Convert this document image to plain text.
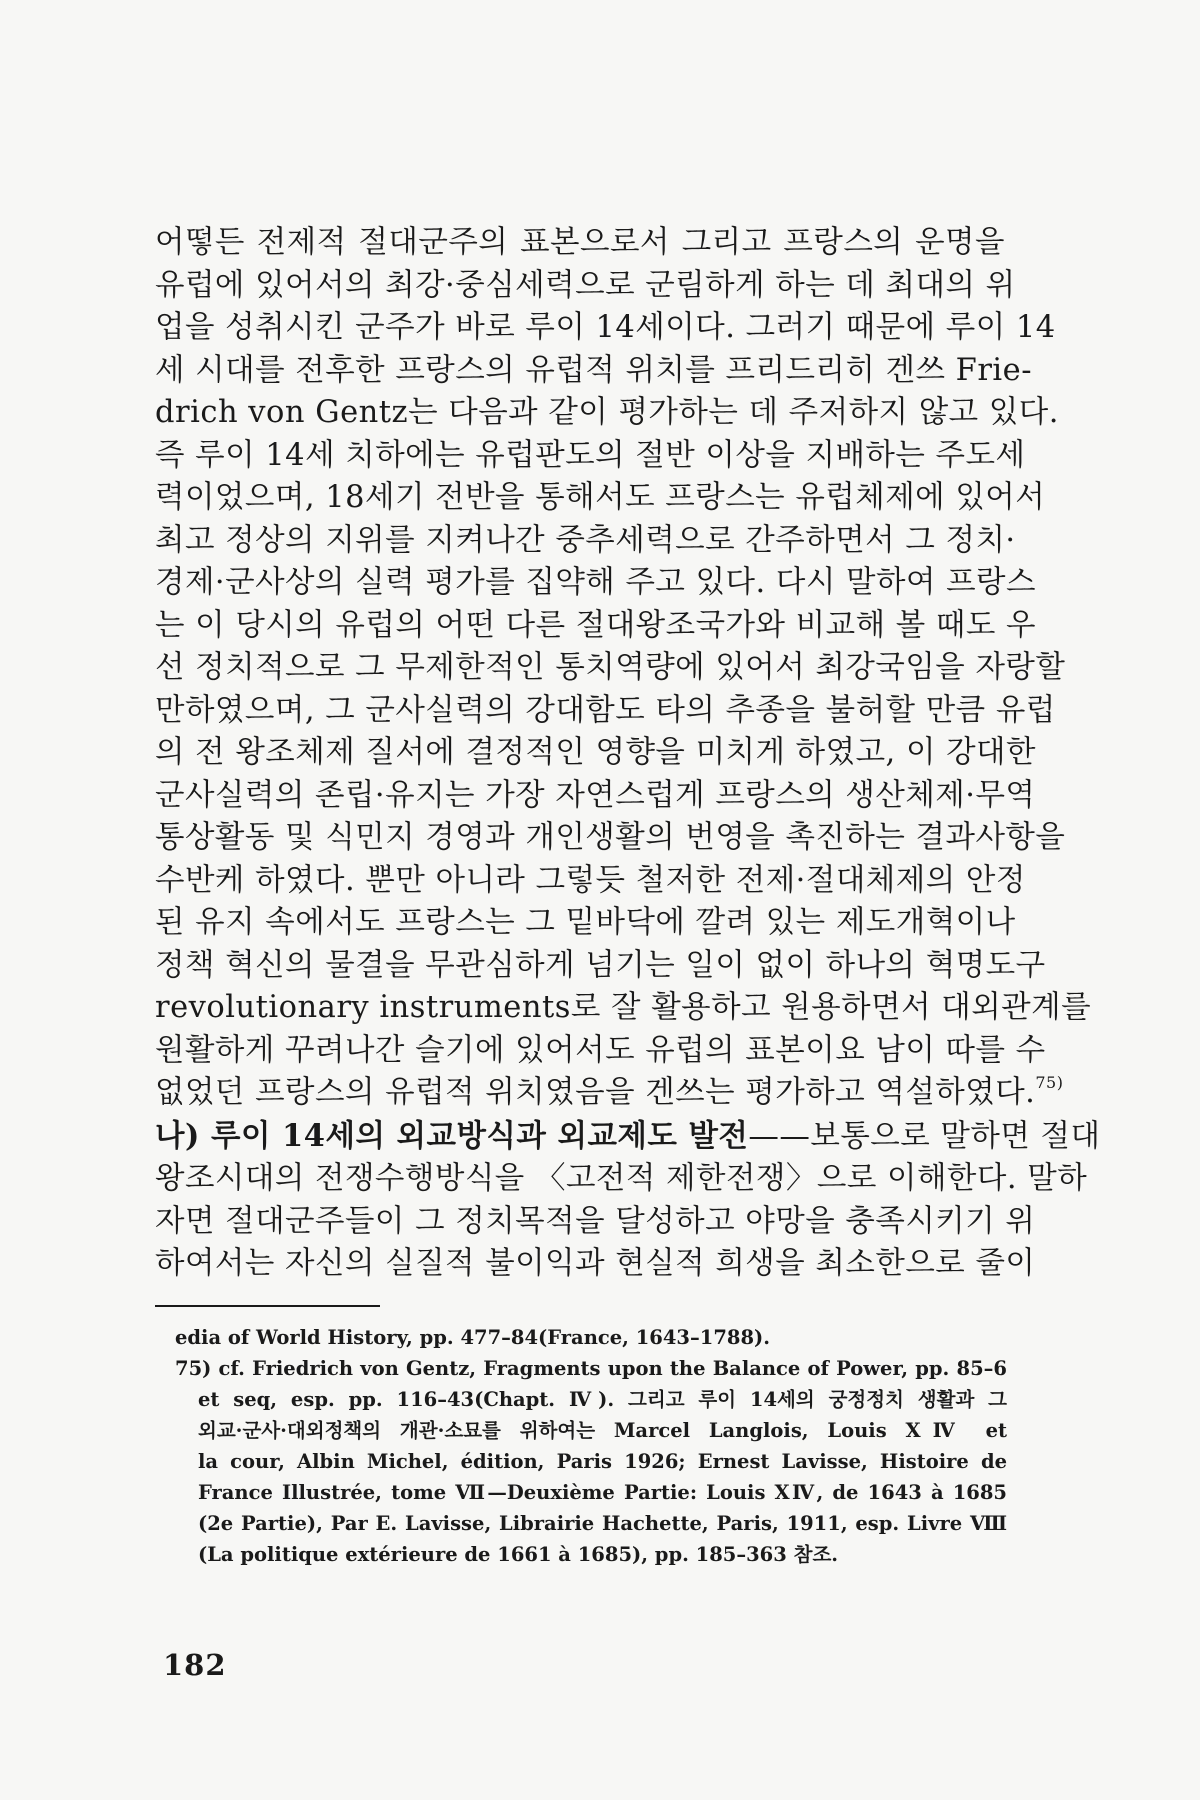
어떻든 전제적 절대군주의 표본으로서 그리고 프랑스의 운명을
유럽에 있어서의 최강·중심세력으로 군림하게 하는 데 최대의 위
업을 성취시킨 군주가 바로 루이 14세이다. 그러기 때문에 루이 14
세 시대를 전후한 프랑스의 유럽적 위치를 프리드리히 겐쓰 Frie-
drich von Gentz는 다음과 같이 평가하는 데 주저하지 않고 있다.
즉 루이 14세 치하에는 유럽판도의 절반 이상을 지배하는 주도세
력이었으며, 18세기 전반을 통해서도 프랑스는 유럽체제에 있어서
최고 정상의 지위를 지켜나간 중추세력으로 간주하면서 그 정치·
경제·군사상의 실력 평가를 집약해 주고 있다. 다시 말하여 프랑스
는 이 당시의 유럽의 어떤 다른 절대왕조국가와 비교해 볼 때도 우
선 정치적으로 그 무제한적인 통치역량에 있어서 최강국임을 자랑할
만하였으며, 그 군사실력의 강대함도 타의 추종을 불허할 만큼 유럽
의 전 왕조체제 질서에 결정적인 영향을 미치게 하였고, 이 강대한
군사실력의 존립·유지는 가장 자연스럽게 프랑스의 생산체제·무역
통상활동 및 식민지 경영과 개인생활의 번영을 촉진하는 결과사항을
수반케 하였다. 뿐만 아니라 그렇듯 철저한 전제·절대체제의 안정
된 유지 속에서도 프랑스는 그 밑바닥에 깔려 있는 제도개혁이나
정책 혁신의 물결을 무관심하게 넘기는 일이 없이 하나의 혁명도구
revolutionary instruments로 잘 활용하고 원용하면서 대외관계를
원활하게 꾸려나간 슬기에 있어서도 유럽의 표본이요 남이 따를 수
없었던 프랑스의 유럽적 위치였음을 겐쓰는 평가하고 역설하였다.$^{75)}$
나) 루이 14세의 외교방식과 외교제도 발전——보통으로 말하면 절대
왕조시대의 전쟁수행방식을 〈고전적 제한전쟁〉으로 이해한다. 말하
자면 절대군주들이 그 정치목적을 달성하고 야망을 충족시키기 위
하여서는 자신의 실질적 불이익과 현실적 희생을 최소한으로 줄이
edia of World History, pp. 477–84(France, 1643–1788).
75) cf. Friedrich von Gentz, Fragments upon the Balance of Power, pp. 85–6
et seq, esp. pp. 116–43(Chapt. Ⅳ). 그리고 루이 14세의 궁정정치 생활과 그
외교·군사·대외정책의 개관·소묘를 위하여는 Marcel Langlois, Louis ⅩⅣ et
la cour, Albin Michel, édition, Paris 1926; Ernest Lavisse, Histoire de
France Illustrée, tome Ⅶ—Deuxième Partie: Louis ⅩⅣ, de 1643 à 1685
(2e Partie), Par E. Lavisse, Librairie Hachette, Paris, 1911, esp. Livre Ⅷ
(La politique extérieure de 1661 à 1685), pp. 185–363 참조.
182
